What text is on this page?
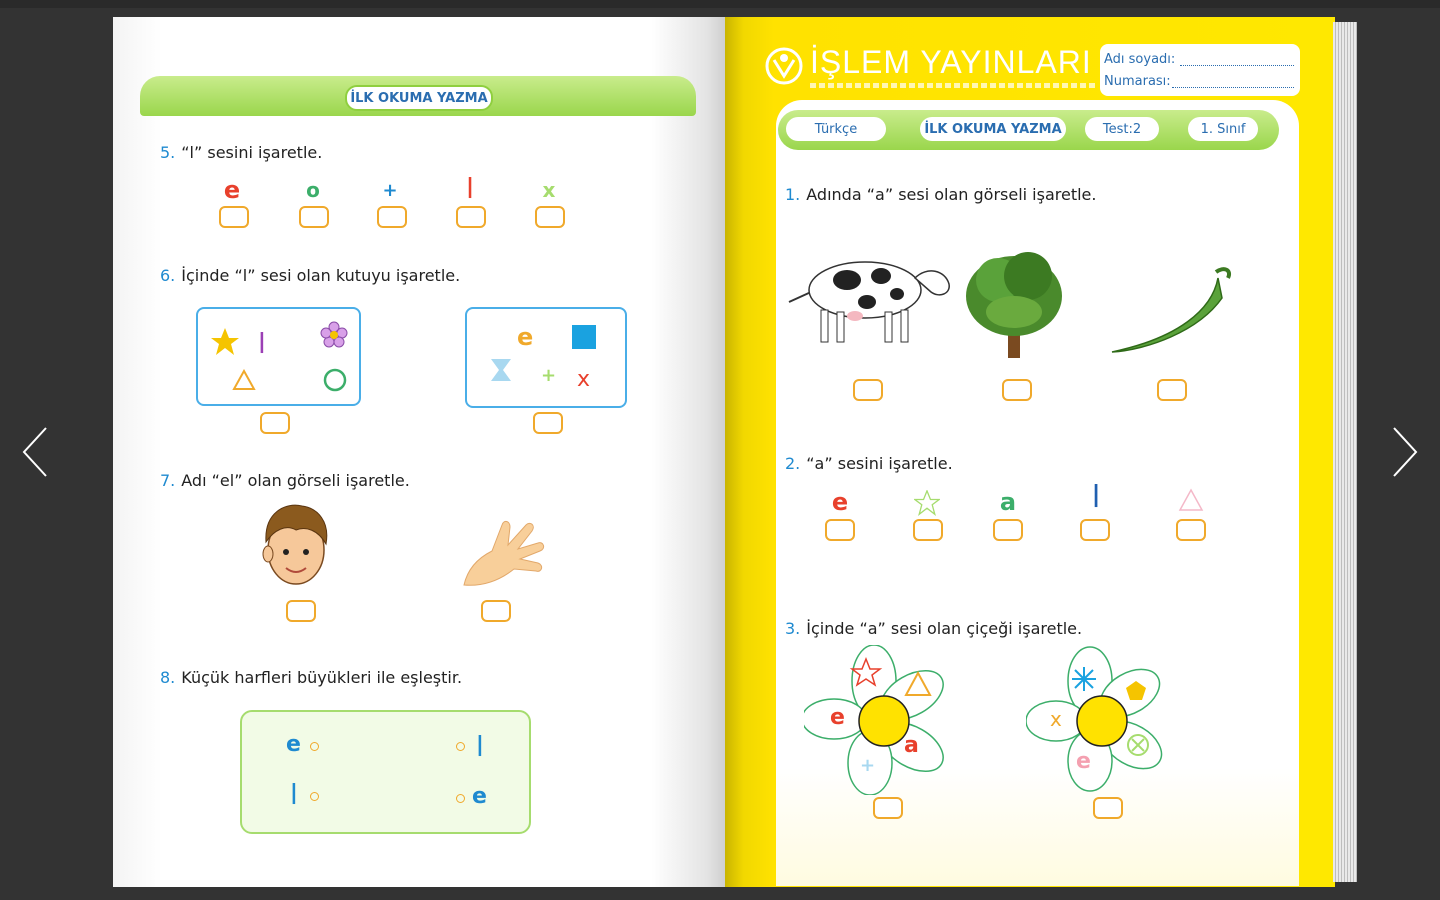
İLK OKUMA YAZMA
5. “l” sesini işaretle.
e	o	+ l	x
6. İçinde “l” sesi olan kutuyu işaretle.
l	e
+ x
7. Adı “el” olan görseli işaretle.
8. Küçük harfleri büyükleri ile eşleştir.
e
l
l
e
İŞLEM YAYINLARI Adı soyadı:
Numarası:
Türkçe	İLK OKUMA YAZMA	Test:2	1. Sınıf
1. Adında “a” sesi olan görseli işaretle.
2. “a” sesini işaretle.
e	a	l
3. İçinde “a” sesi olan çiçeği işaretle.
e
a
+
x
e
